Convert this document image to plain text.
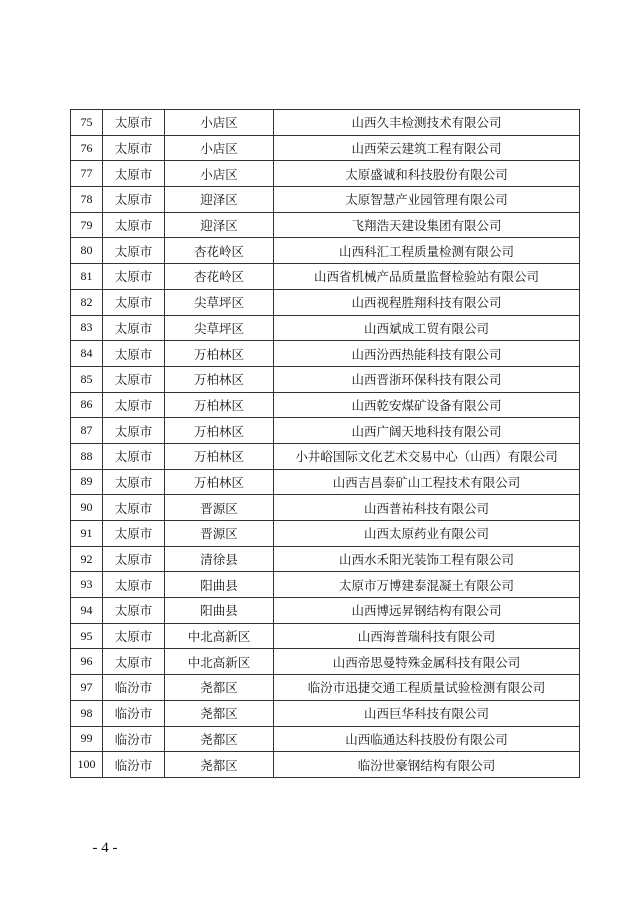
75	太原市	小店区	山西久丰检测技术有限公司
76	太原市	小店区	山西荣云建筑工程有限公司
77	太原市	小店区	太原盛诚和科技股份有限公司
78	太原市	迎泽区	太原智慧产业园管理有限公司
79	太原市	迎泽区	飞翔浩天建设集团有限公司
80	太原市	杏花岭区	山西科汇工程质量检测有限公司
81	太原市	杏花岭区	山西省机械产品质量监督检验站有限公司
82	太原市	尖草坪区	山西视程胜翔科技有限公司
83	太原市	尖草坪区	山西斌成工贸有限公司
84	太原市	万柏林区	山西汾西热能科技有限公司
85	太原市	万柏林区	山西晋浙环保科技有限公司
86	太原市	万柏林区	山西乾安煤矿设备有限公司
87	太原市	万柏林区	山西广阔天地科技有限公司
88	太原市	万柏林区	小井峪国际文化艺术交易中心（山西）有限公司
89	太原市	万柏林区	山西吉昌泰矿山工程技术有限公司
90	太原市	晋源区	山西普祐科技有限公司
91	太原市	晋源区	山西太原药业有限公司
92	太原市	清徐县	山西水禾阳光装饰工程有限公司
93	太原市	阳曲县	太原市万博建泰混凝土有限公司
94	太原市	阳曲县	山西博远昇钢结构有限公司
95	太原市	中北高新区	山西海普瑞科技有限公司
96	太原市	中北高新区	山西帝思曼特殊金属科技有限公司
97	临汾市	尧都区	临汾市迅捷交通工程质量试验检测有限公司
98	临汾市	尧都区	山西巨华科技有限公司
99	临汾市	尧都区	山西临通达科技股份有限公司
100	临汾市	尧都区	临汾世豪钢结构有限公司
- 4 -
